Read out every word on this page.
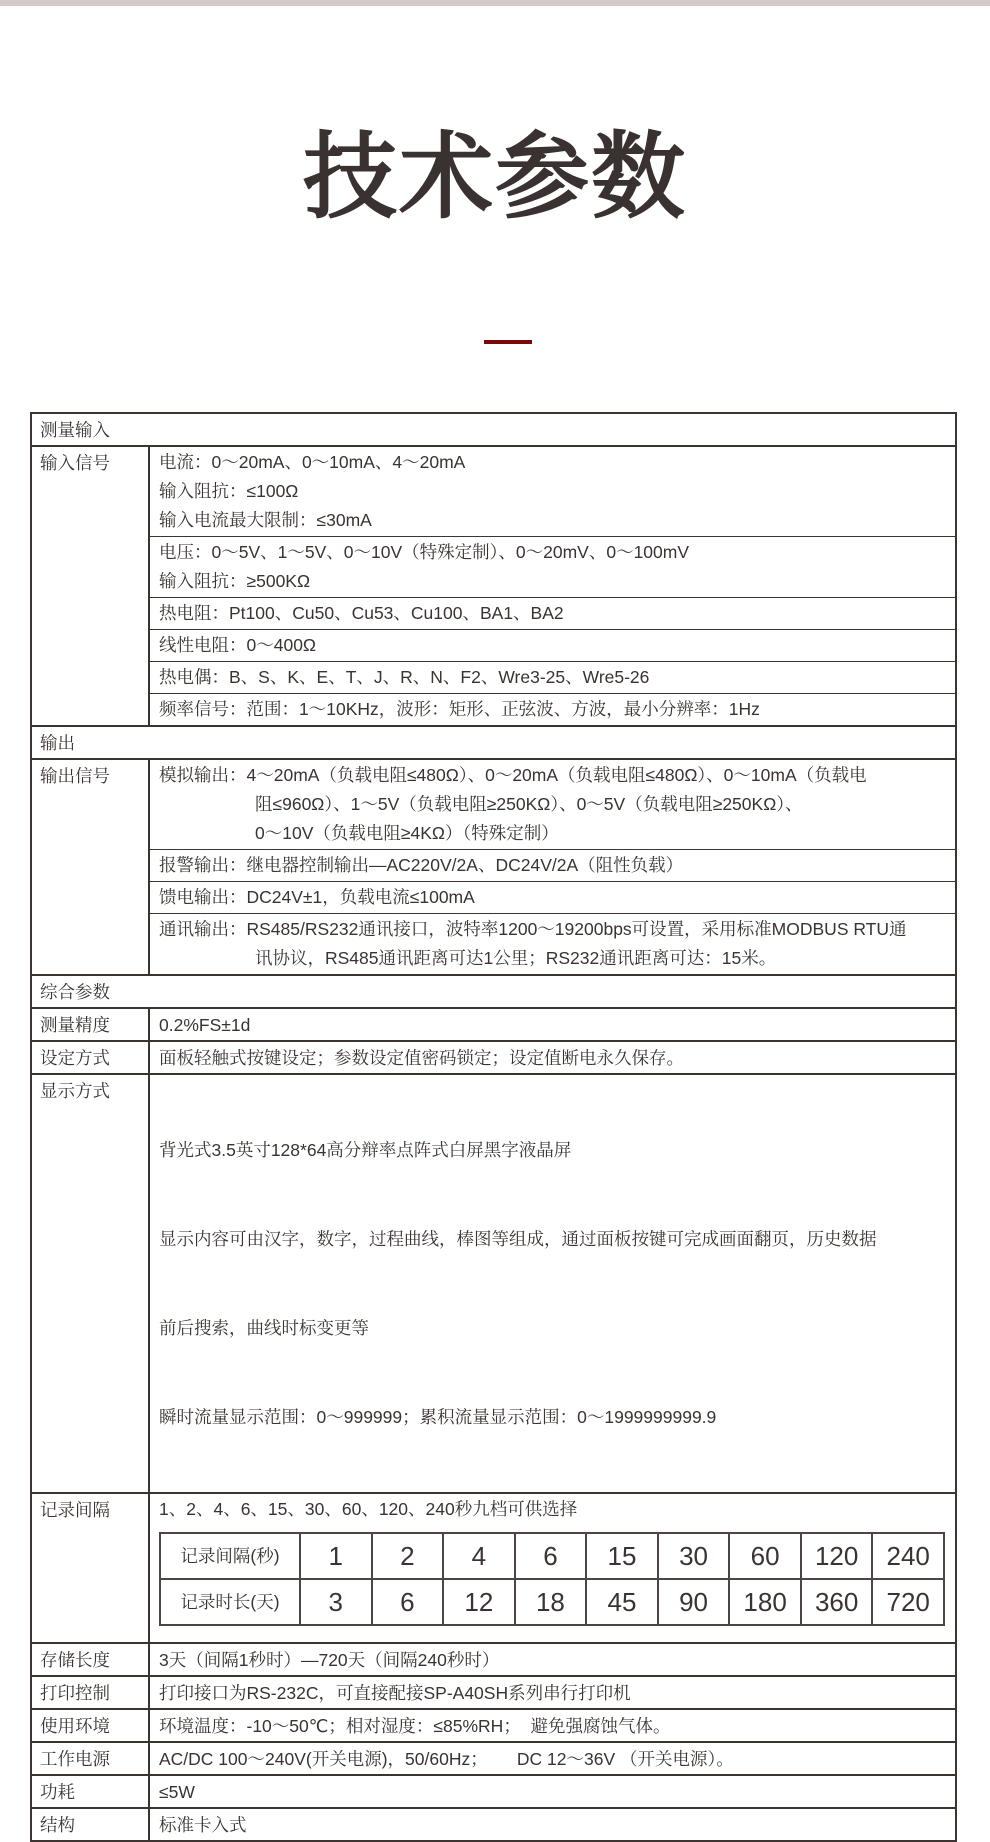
技术参数
测量输入
输入信号	电流：0～20mA、0～10mA、4～20mA
输入阻抗：≤100Ω
输入电流最大限制：≤30mA
电压：0～5V、1～5V、0～10V（特殊定制）、0～20mV、0～100mV
输入阻抗：≥500KΩ
热电阻：Pt100、Cu50、Cu53、Cu100、BA1、BA2
线性电阻：0～400Ω
热电偶：B、S、K、E、T、J、R、N、F2、Wre3-25、Wre5-26
频率信号：范围：1～10KHz，波形：矩形、正弦波、方波，最小分辨率：1Hz
输出
输出信号	模拟输出：4～20mA（负载电阻≤480Ω）、0～20mA（负载电阻≤480Ω）、0～10mA（负载电
阻≤960Ω）、1～5V（负载电阻≥250KΩ）、0～5V（负载电阻≥250KΩ）、
0～10V（负载电阻≥4KΩ）（特殊定制）
报警输出：继电器控制输出—AC220V/2A、DC24V/2A（阻性负载）
馈电输出：DC24V±1，负载电流≤100mA
通讯输出：RS485/RS232通讯接口，波特率1200～19200bps可设置，采用标准MODBUS RTU通
讯协议，RS485通讯距离可达1公里；RS232通讯距离可达：15米。
综合参数
测量精度	0.2%FS±1d
设定方式	面板轻触式按键设定；参数设定值密码锁定；设定值断电永久保存。
显示方式

背光式3.5英寸128*64高分辩率点阵式白屏黑字液晶屏

显示内容可由汉字，数字，过程曲线，棒图等组成，通过面板按键可完成画面翻页，历史数据

前后搜索，曲线时标变更等

瞬时流量显示范围：0～999999；累积流量显示范围：0～1999999999.9

记录间隔	1、2、4、6、15、30、60、120、240秒九档可供选择
记录间隔(秒)	1	2	4	6	15	30	60	120	240
记录时长(天)	3	6	12	18	45	90	180	360	720
存储长度	3天（间隔1秒时）—720天（间隔240秒时）
打印控制	打印接口为RS-232C，可直接配接SP-A40SH系列串行打印机
使用环境	环境温度：-10～50℃；相对湿度：≤85%RH；  避免强腐蚀气体。
工作电源	AC/DC 100～240V(开关电源)，50/60Hz；      DC 12～36V （开关电源）。
功耗	≤5W
结构	标准卡入式
